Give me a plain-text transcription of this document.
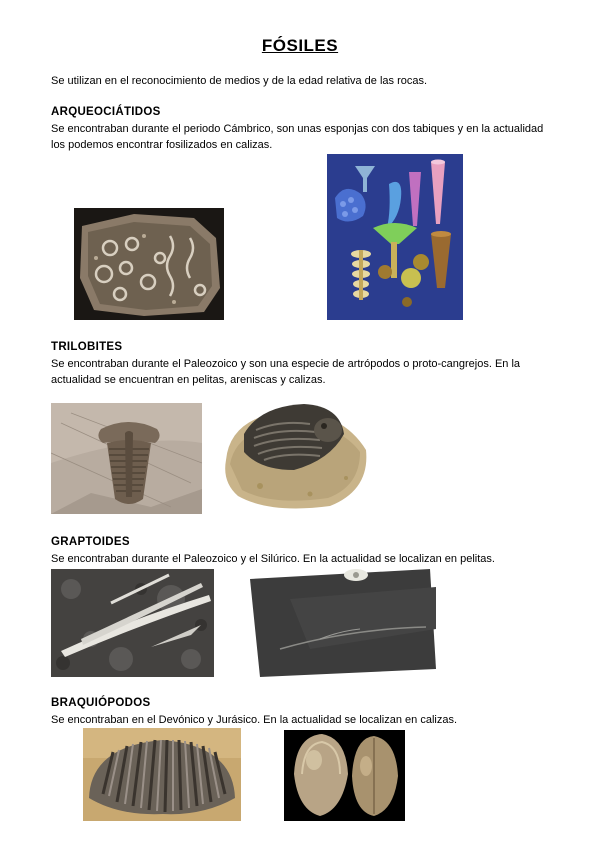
FÓSILES
Se utilizan en el reconocimiento de medios y de la edad relativa de las rocas.
ARQUEOCIÁTIDOS
Se encontraban durante el periodo Cámbrico, son unas esponjas con dos tabiques y en la actualidad los podemos encontrar fosilizados en calizas.
TRILOBITES
Se encontraban durante el Paleozoico y son una especie de artrópodos o proto-cangrejos. En la actualidad se encuentran en pelitas, areniscas y calizas.
GRAPTOIDES
Se encontraban durante el Paleozoico y el Silúrico. En la actualidad se localizan en pelitas.
BRAQUIÓPODOS
Se encontraban en el Devónico y Jurásico. En la actualidad se localizan en calizas.
